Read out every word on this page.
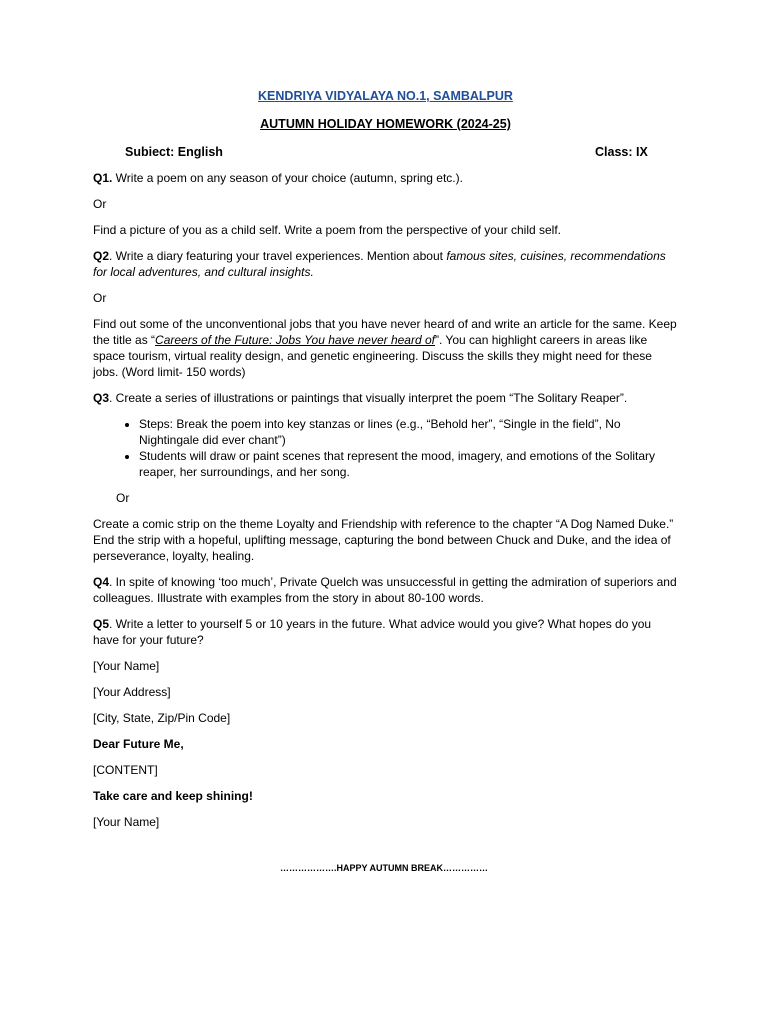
KENDRIYA VIDYALAYA NO.1, SAMBALPUR
AUTUMN HOLIDAY HOMEWORK (2024-25)
Subiect: English	Class: IX

Q1. Write a poem on any season of your choice (autumn, spring etc.).

Or

Find a picture of you as a child self. Write a poem from the perspective of your child self.

Q2. Write a diary featuring your travel experiences. Mention about famous sites, cuisines, recommendations for local adventures, and cultural insights.

Or

Find out some of the unconventional jobs that you have never heard of and write an article for the same. Keep the title as “Careers of the Future: Jobs You have never heard of”. You can highlight careers in areas like space tourism, virtual reality design, and genetic engineering. Discuss the skills they might need for these jobs. (Word limit- 150 words)

Q3. Create a series of illustrations or paintings that visually interpret the poem “The Solitary Reaper”.

• Steps: Break the poem into key stanzas or lines (e.g., “Behold her”, “Single in the field”, No Nightingale did ever chant”)
• Students will draw or paint scenes that represent the mood, imagery, and emotions of the Solitary reaper, her surroundings, and her song.

Or

Create a comic strip on the theme Loyalty and Friendship with reference to the chapter “A Dog Named Duke.” End the strip with a hopeful, uplifting message, capturing the bond between Chuck and Duke, and the idea of perseverance, loyalty, healing.

Q4. In spite of knowing ‘too much’, Private Quelch was unsuccessful in getting the admiration of superiors and colleagues. Illustrate with examples from the story in about 80-100 words.

Q5. Write a letter to yourself 5 or 10 years in the future. What advice would you give? What hopes do you have for your future?

[Your Name]

[Your Address]

[City, State, Zip/Pin Code]

Dear Future Me,

[CONTENT]

Take care and keep shining!

[Your Name]

……………….HAPPY AUTUMN BREAK……………
